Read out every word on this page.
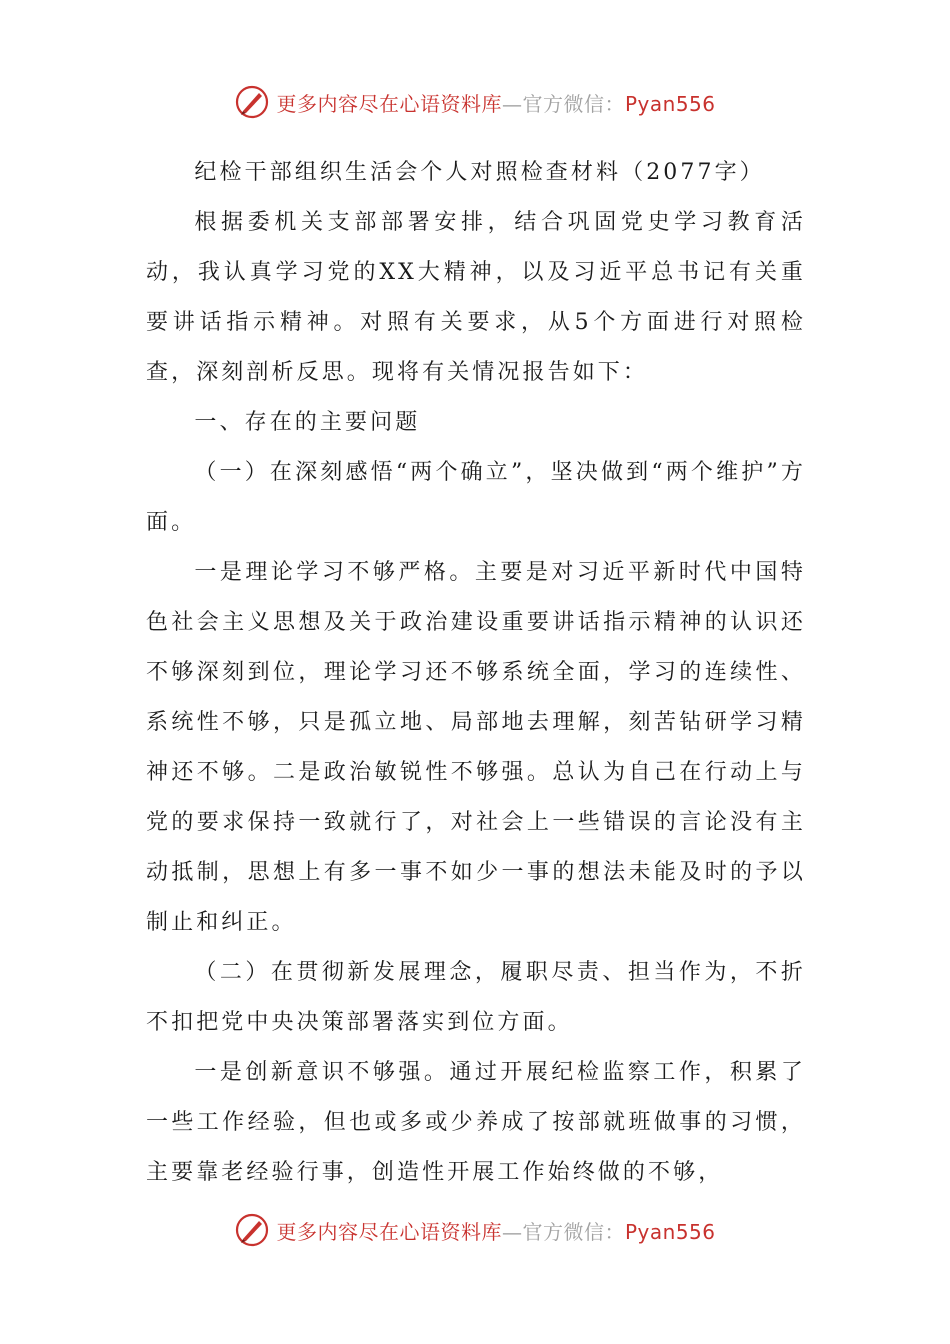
更多内容尽在心语资料库—官方微信：Pyan556

纪检干部组织生活会个人对照检查材料（2077字）

根据委机关支部部署安排，结合巩固党史学习教育活动，我认真学习党的XX大精神，以及习近平总书记有关重要讲话指示精神。对照有关要求，从5个方面进行对照检查，深刻剖析反思。现将有关情况报告如下：

一、存在的主要问题

（一）在深刻感悟“两个确立”，坚决做到“两个维护”方面。

一是理论学习不够严格。主要是对习近平新时代中国特色社会主义思想及关于政治建设重要讲话指示精神的认识还不够深刻到位，理论学习还不够系统全面，学习的连续性、系统性不够，只是孤立地、局部地去理解，刻苦钻研学习精神还不够。二是政治敏锐性不够强。总认为自己在行动上与党的要求保持一致就行了，对社会上一些错误的言论没有主动抵制，思想上有多一事不如少一事的想法未能及时的予以制止和纠正。

（二）在贯彻新发展理念，履职尽责、担当作为，不折不扣把党中央决策部署落实到位方面。

一是创新意识不够强。通过开展纪检监察工作，积累了一些工作经验，但也或多或少养成了按部就班做事的习惯，主要靠老经验行事，创造性开展工作始终做的不够，

更多内容尽在心语资料库—官方微信：Pyan556
